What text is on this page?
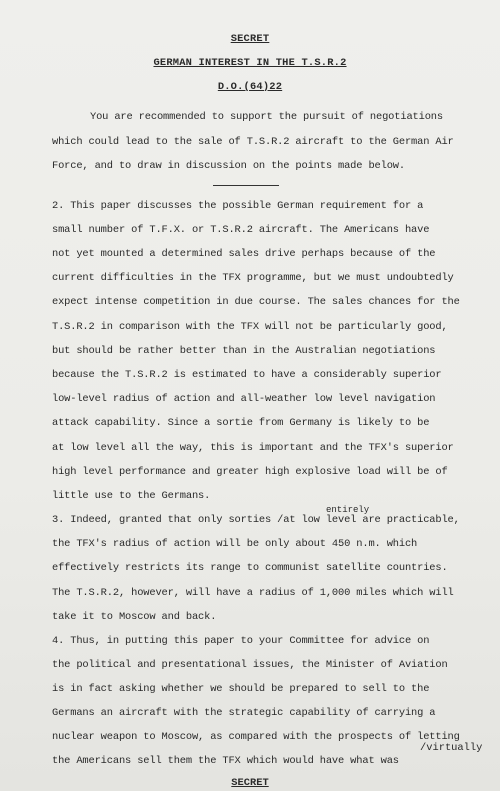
SECRET
GERMAN INTEREST IN THE T.S.R.2
D.O.(64)22
You are recommended to support the pursuit of negotiations
which could lead to the sale of T.S.R.2 aircraft to the German Air
Force, and to draw in discussion on the points made below.
2. This paper discusses the possible German requirement for a
small number of T.F.X. or T.S.R.2 aircraft. The Americans have
not yet mounted a determined sales drive perhaps because of the
current difficulties in the TFX programme, but we must undoubtedly
expect intense competition in due course. The sales chances for the
T.S.R.2 in comparison with the TFX will not be particularly good,
but should be rather better than in the Australian negotiations
because the T.S.R.2 is estimated to have a considerably superior
low-level radius of action and all-weather low level navigation
attack capability. Since a sortie from Germany is likely to be
at low level all the way, this is important and the TFX's superior
high level performance and greater high explosive load will be of
little use to the Germans.
entirely
3. Indeed, granted that only sorties /at low level are practicable,
the TFX's radius of action will be only about 450 n.m. which
effectively restricts its range to communist satellite countries.
The T.S.R.2, however, will have a radius of 1,000 miles which will
take it to Moscow and back.
4. Thus, in putting this paper to your Committee for advice on
the political and presentational issues, the Minister of Aviation
is in fact asking whether we should be prepared to sell to the
Germans an aircraft with the strategic capability of carrying a
nuclear weapon to Moscow, as compared with the prospects of letting
the Americans sell them the TFX which would have what was
/virtually
SECRET
